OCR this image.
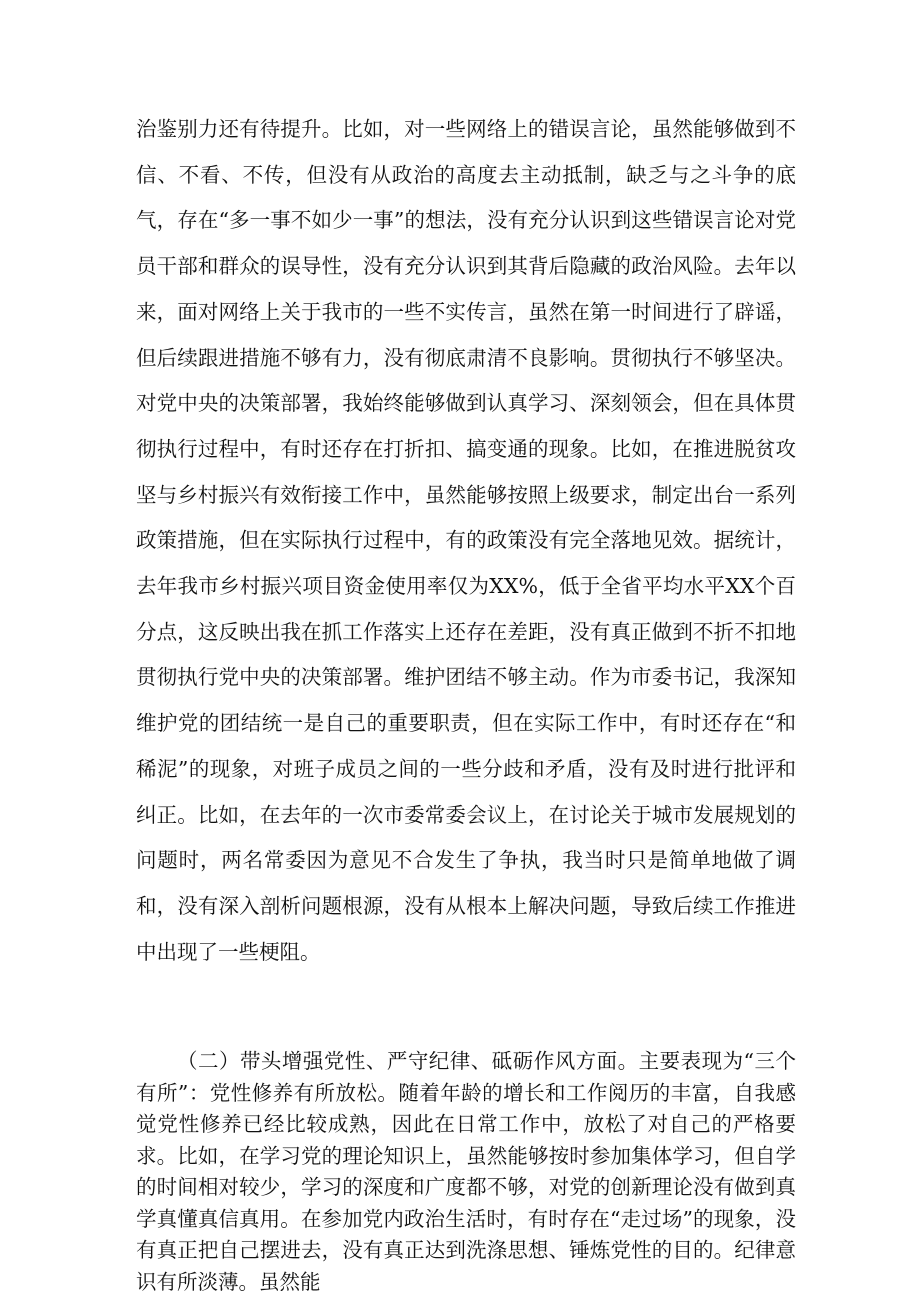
治鉴别力还有待提升。比如，对一些网络上的错误言论，虽然能够做到不信、不看、不传，但没有从政治的高度去主动抵制，缺乏与之斗争的底气，存在“多一事不如少一事”的想法，没有充分认识到这些错误言论对党员干部和群众的误导性，没有充分认识到其背后隐藏的政治风险。去年以来，面对网络上关于我市的一些不实传言，虽然在第一时间进行了辟谣，但后续跟进措施不够有力，没有彻底肃清不良影响。贯彻执行不够坚决。对党中央的决策部署，我始终能够做到认真学习、深刻领会，但在具体贯彻执行过程中，有时还存在打折扣、搞变通的现象。比如，在推进脱贫攻坚与乡村振兴有效衔接工作中，虽然能够按照上级要求，制定出台一系列政策措施，但在实际执行过程中，有的政策没有完全落地见效。据统计，去年我市乡村振兴项目资金使用率仅为XX%，低于全省平均水平XX个百分点，这反映出我在抓工作落实上还存在差距，没有真正做到不折不扣地贯彻执行党中央的决策部署。维护团结不够主动。作为市委书记，我深知维护党的团结统一是自己的重要职责，但在实际工作中，有时还存在“和稀泥”的现象，对班子成员之间的一些分歧和矛盾，没有及时进行批评和纠正。比如，在去年的一次市委常委会议上，在讨论关于城市发展规划的问题时，两名常委因为意见不合发生了争执，我当时只是简单地做了调和，没有深入剖析问题根源，没有从根本上解决问题，导致后续工作推进中出现了一些梗阻。

（二）带头增强党性、严守纪律、砥砺作风方面。主要表现为“三个有所”：党性修养有所放松。随着年龄的增长和工作阅历的丰富，自我感觉党性修养已经比较成熟，因此在日常工作中，放松了对自己的严格要求。比如，在学习党的理论知识上，虽然能够按时参加集体学习，但自学的时间相对较少，学习的深度和广度都不够，对党的创新理论没有做到真学真懂真信真用。在参加党内政治生活时，有时存在“走过场”的现象，没有真正把自己摆进去，没有真正达到洗涤思想、锤炼党性的目的。纪律意识有所淡薄。虽然能
